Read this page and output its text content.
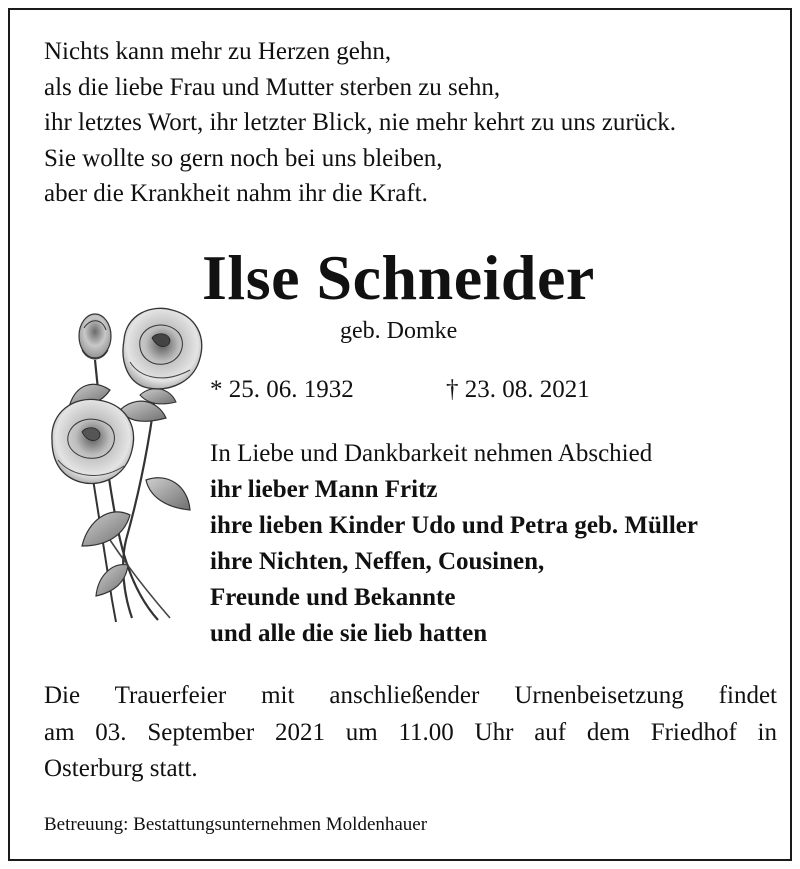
Nichts kann mehr zu Herzen gehn,
als die liebe Frau und Mutter sterben zu sehn,
ihr letztes Wort, ihr letzter Blick, nie mehr kehrt zu uns zurück.
Sie wollte so gern noch bei uns bleiben,
aber die Krankheit nahm ihr die Kraft.
Ilse Schneider
geb. Domke
* 25. 06. 1932	† 23. 08. 2021
In Liebe und Dankbarkeit nehmen Abschied
ihr lieber Mann Fritz
ihre lieben Kinder Udo und Petra geb. Müller
ihre Nichten, Neffen, Cousinen,
Freunde und Bekannte
und alle die sie lieb hatten
Die Trauerfeier mit anschließender Urnenbeisetzung findet
am 03. September 2021 um 11.00 Uhr auf dem Friedhof in
Osterburg statt.
Betreuung: Bestattungsunternehmen Moldenhauer
